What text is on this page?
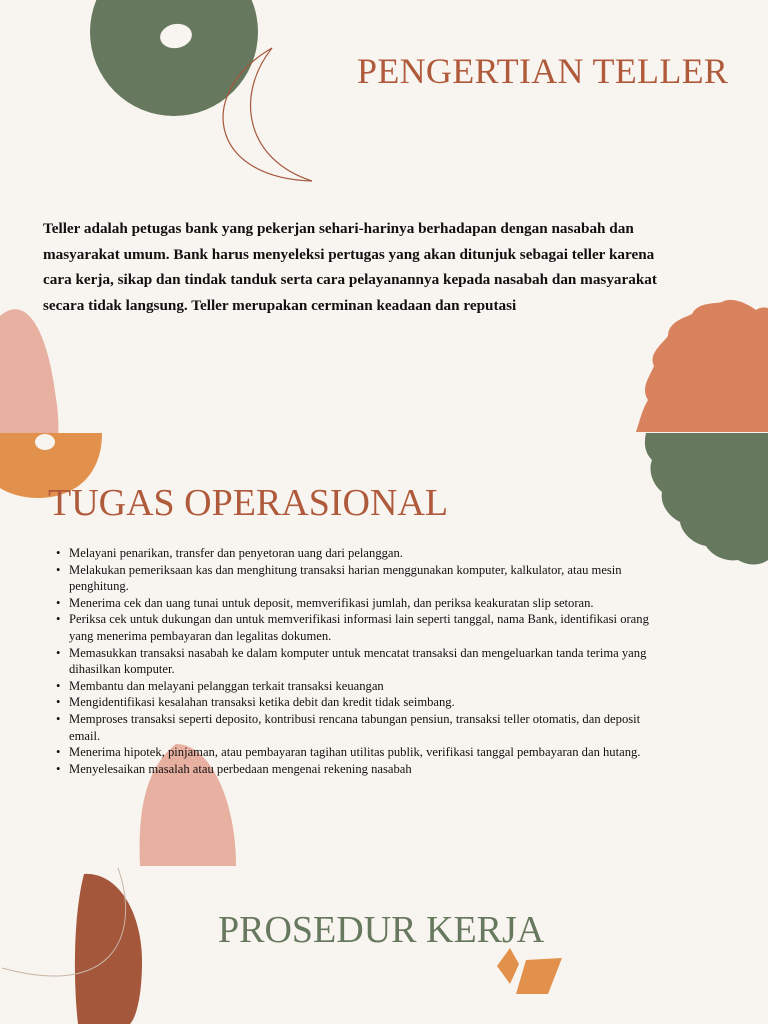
PENGERTIAN TELLER

Teller adalah petugas bank yang pekerjan sehari-harinya berhadapan dengan nasabah dan masyarakat umum. Bank harus menyeleksi pertugas yang akan ditunjuk sebagai teller karena cara kerja, sikap dan tindak tanduk serta cara pelayanannya kepada nasabah dan masyarakat secara tidak langsung. Teller merupakan cerminan keadaan dan reputasi

TUGAS OPERASIONAL
• Melayani penarikan, transfer dan penyetoran uang dari pelanggan.
• Melakukan pemeriksaan kas dan menghitung transaksi harian menggunakan komputer, kalkulator, atau mesin penghitung.
• Menerima cek dan uang tunai untuk deposit, memverifikasi jumlah, dan periksa keakuratan slip setoran.
• Periksa cek untuk dukungan dan untuk memverifikasi informasi lain seperti tanggal, nama Bank, identifikasi orang yang menerima pembayaran dan legalitas dokumen.
• Memasukkan transaksi nasabah ke dalam komputer untuk mencatat transaksi dan mengeluarkan tanda terima yang dihasilkan komputer.
• Membantu dan melayani pelanggan terkait transaksi keuangan
• Mengidentifikasi kesalahan transaksi ketika debit dan kredit tidak seimbang.
• Memproses transaksi seperti deposito, kontribusi rencana tabungan pensiun, transaksi teller otomatis, dan deposit email.
• Menerima hipotek, pinjaman, atau pembayaran tagihan utilitas publik, verifikasi tanggal pembayaran dan hutang.
• Menyelesaikan masalah atau perbedaan mengenai rekening nasabah
PROSEDUR KERJA
